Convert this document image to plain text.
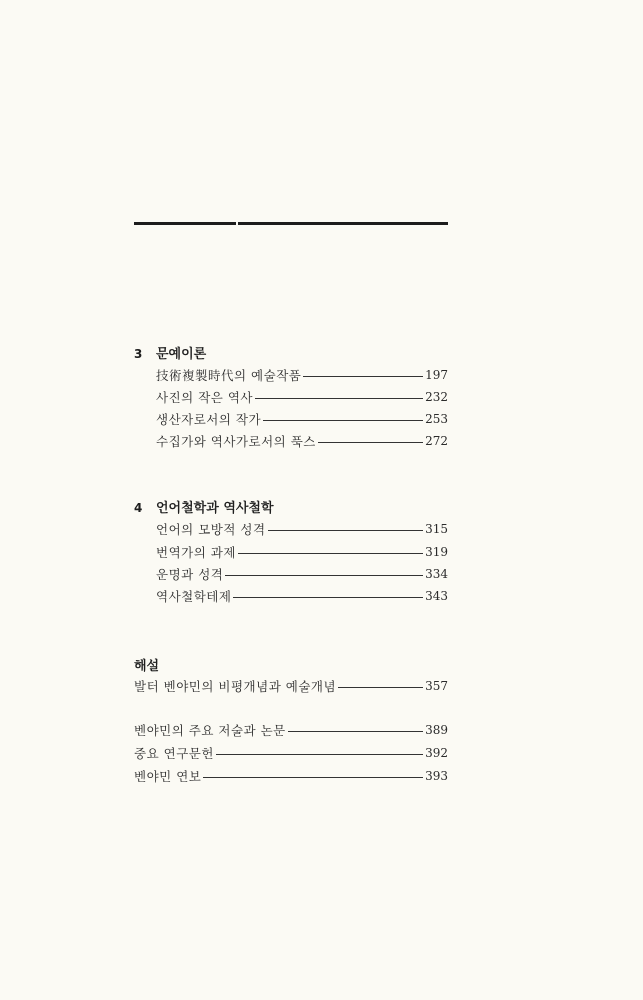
3 문예이론
技術複製時代의 예술작품	197
사진의 작은 역사	232
생산자로서의 작가	253
수집가와 역사가로서의 푹스	272
4 언어철학과 역사철학
언어의 모방적 성격	315
번역가의 과제	319
운명과 성격	334
역사철학테제	343
해설
발터 벤야민의 비평개념과 예술개념	357
벤야민의 주요 저술과 논문	389
중요 연구문헌	392
벤야민 연보	393
